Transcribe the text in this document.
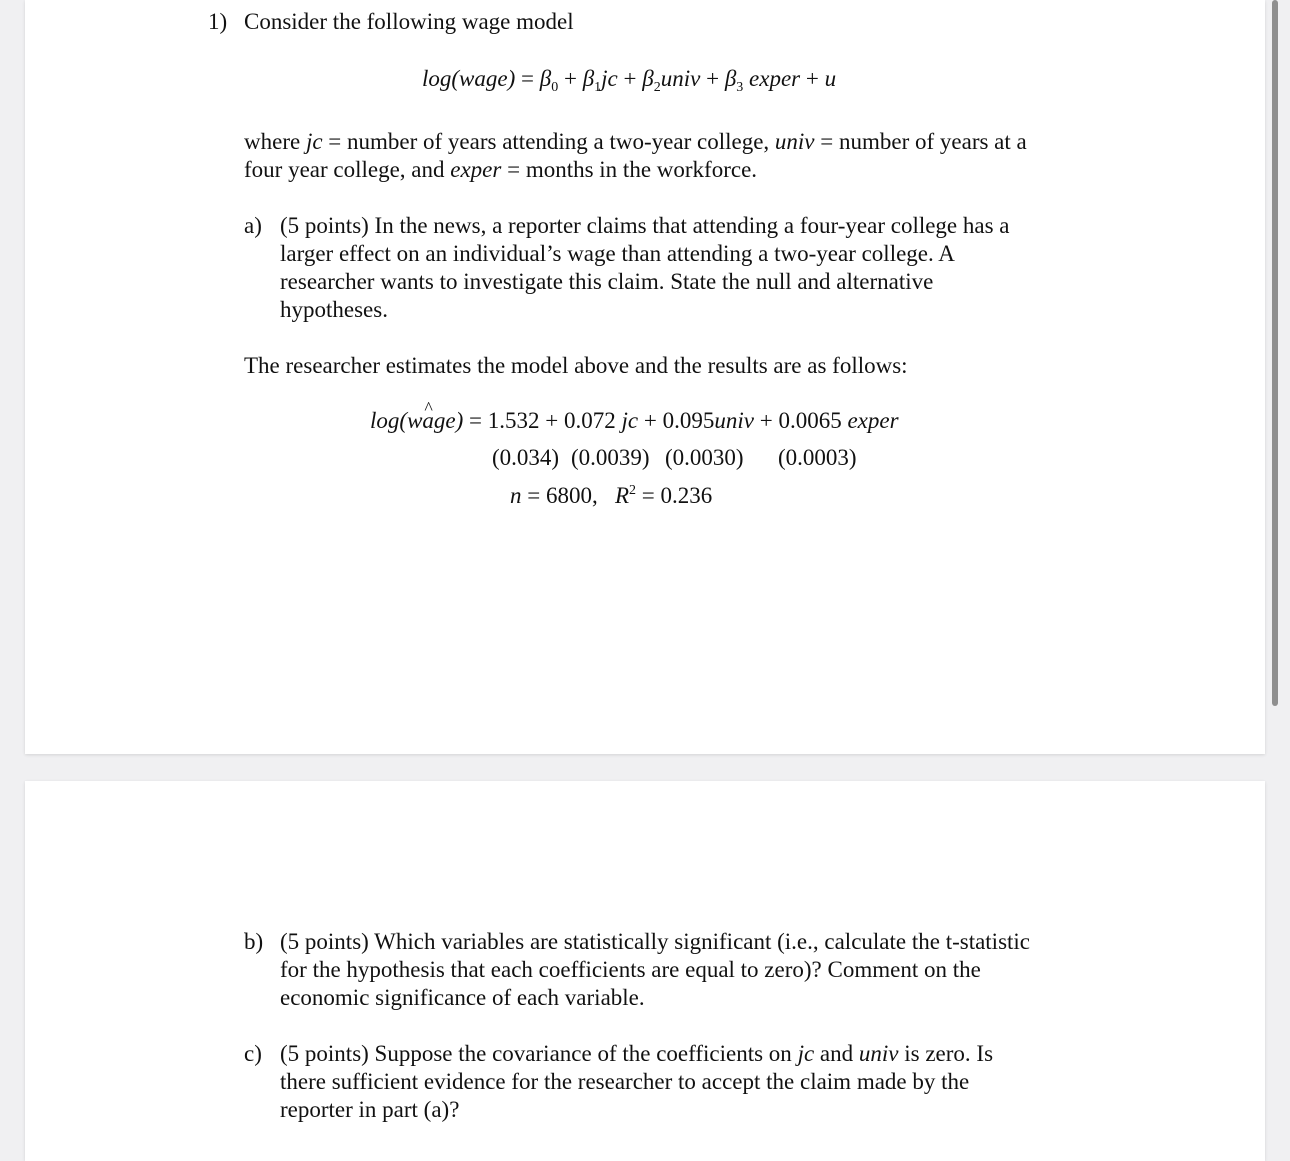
1) Consider the following wage model
log(wage) = $\beta_0 + \beta_1jc$ + $\beta_2univ + \beta_3$ exper + u
where jc = number of years attending a two-year college, univ = number of years at a
four year college, and exper = months in the workforce.
a) (5 points) In the news, a reporter claims that attending a four-year college has a
larger effect on an individual’s wage than attending a two-year college. A
researcher wants to investigate this claim. State the null and alternative
hypotheses.
The researcher estimates the model above and the results are as follows:
log(w^ age) = 1.532 + 0.072 jc + 0.095univ + 0.0065 exper
(0.034) (0.0039) (0.0030) (0.0003)
n = 6800, $R^2 = 0.236$
b) (5 points) Which variables are statistically significant (i.e., calculate the t-statistic
for the hypothesis that each coefficients are equal to zero)? Comment on the
economic significance of each variable.
c) (5 points) Suppose the covariance of the coefficients on jc and univ is zero. Is
there sufficient evidence for the researcher to accept the claim made by the
reporter in part (a)?
